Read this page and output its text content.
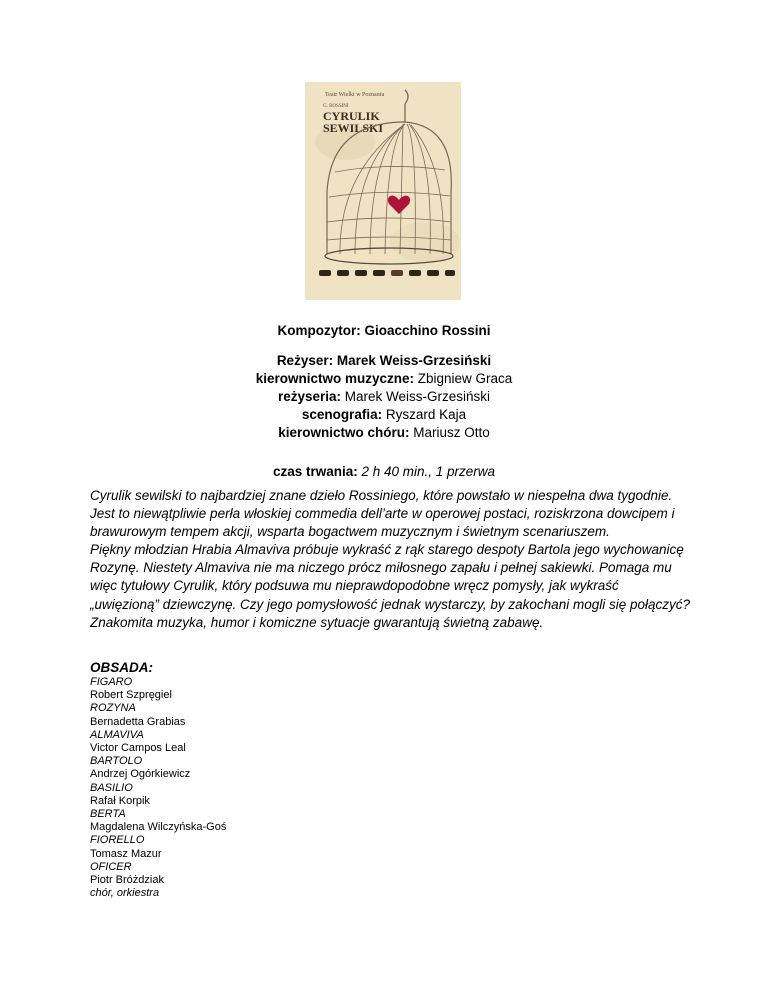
Teatr Wielki w Poznaniu
G. ROSSINI
CYRULIK
SEWILSKI
Kompozytor: Gioacchino Rossini
Reżyser: Marek Weiss-Grzesiński
kierownictwo muzyczne: Zbigniew Graca
reżyseria: Marek Weiss-Grzesiński
scenografia: Ryszard Kaja
kierownictwo chóru: Mariusz Otto
czas trwania: 2 h 40 min., 1 przerwa

Cyrulik sewilski to najbardziej znane dzieło Rossiniego, które powstało w niespełna dwa tygodnie. Jest to niewątpliwie perła włoskiej commedia dell’arte w operowej postaci, roziskrzona dowcipem i brawurowym tempem akcji, wsparta bogactwem muzycznym i świetnym scenariuszem.

Piękny młodzian Hrabia Almaviva próbuje wykraść z rąk starego despoty Bartola jego wychowanicę Rozynę. Niestety Almaviva nie ma niczego prócz miłosnego zapału i pełnej sakiewki. Pomaga mu więc tytułowy Cyrulik, który podsuwa mu nieprawdopodobne wręcz pomysły, jak wykraść „uwięzioną” dziewczynę. Czy jego pomysłowość jednak wystarczy, by zakochani mogli się połączyć? Znakomita muzyka, humor i komiczne sytuacje gwarantują świetną zabawę.

OBSADA:
FIGARO
Robert Szpręgiel
ROZYNA
Bernadetta Grabias
ALMAVIVA
Victor Campos Leal
BARTOLO
Andrzej Ogórkiewicz
BASILIO
Rafał Korpik
BERTA
Magdalena Wilczyńska-Goś
FIORELLO
Tomasz Mazur
OFICER
Piotr Bróżdziak
chór, orkiestra
